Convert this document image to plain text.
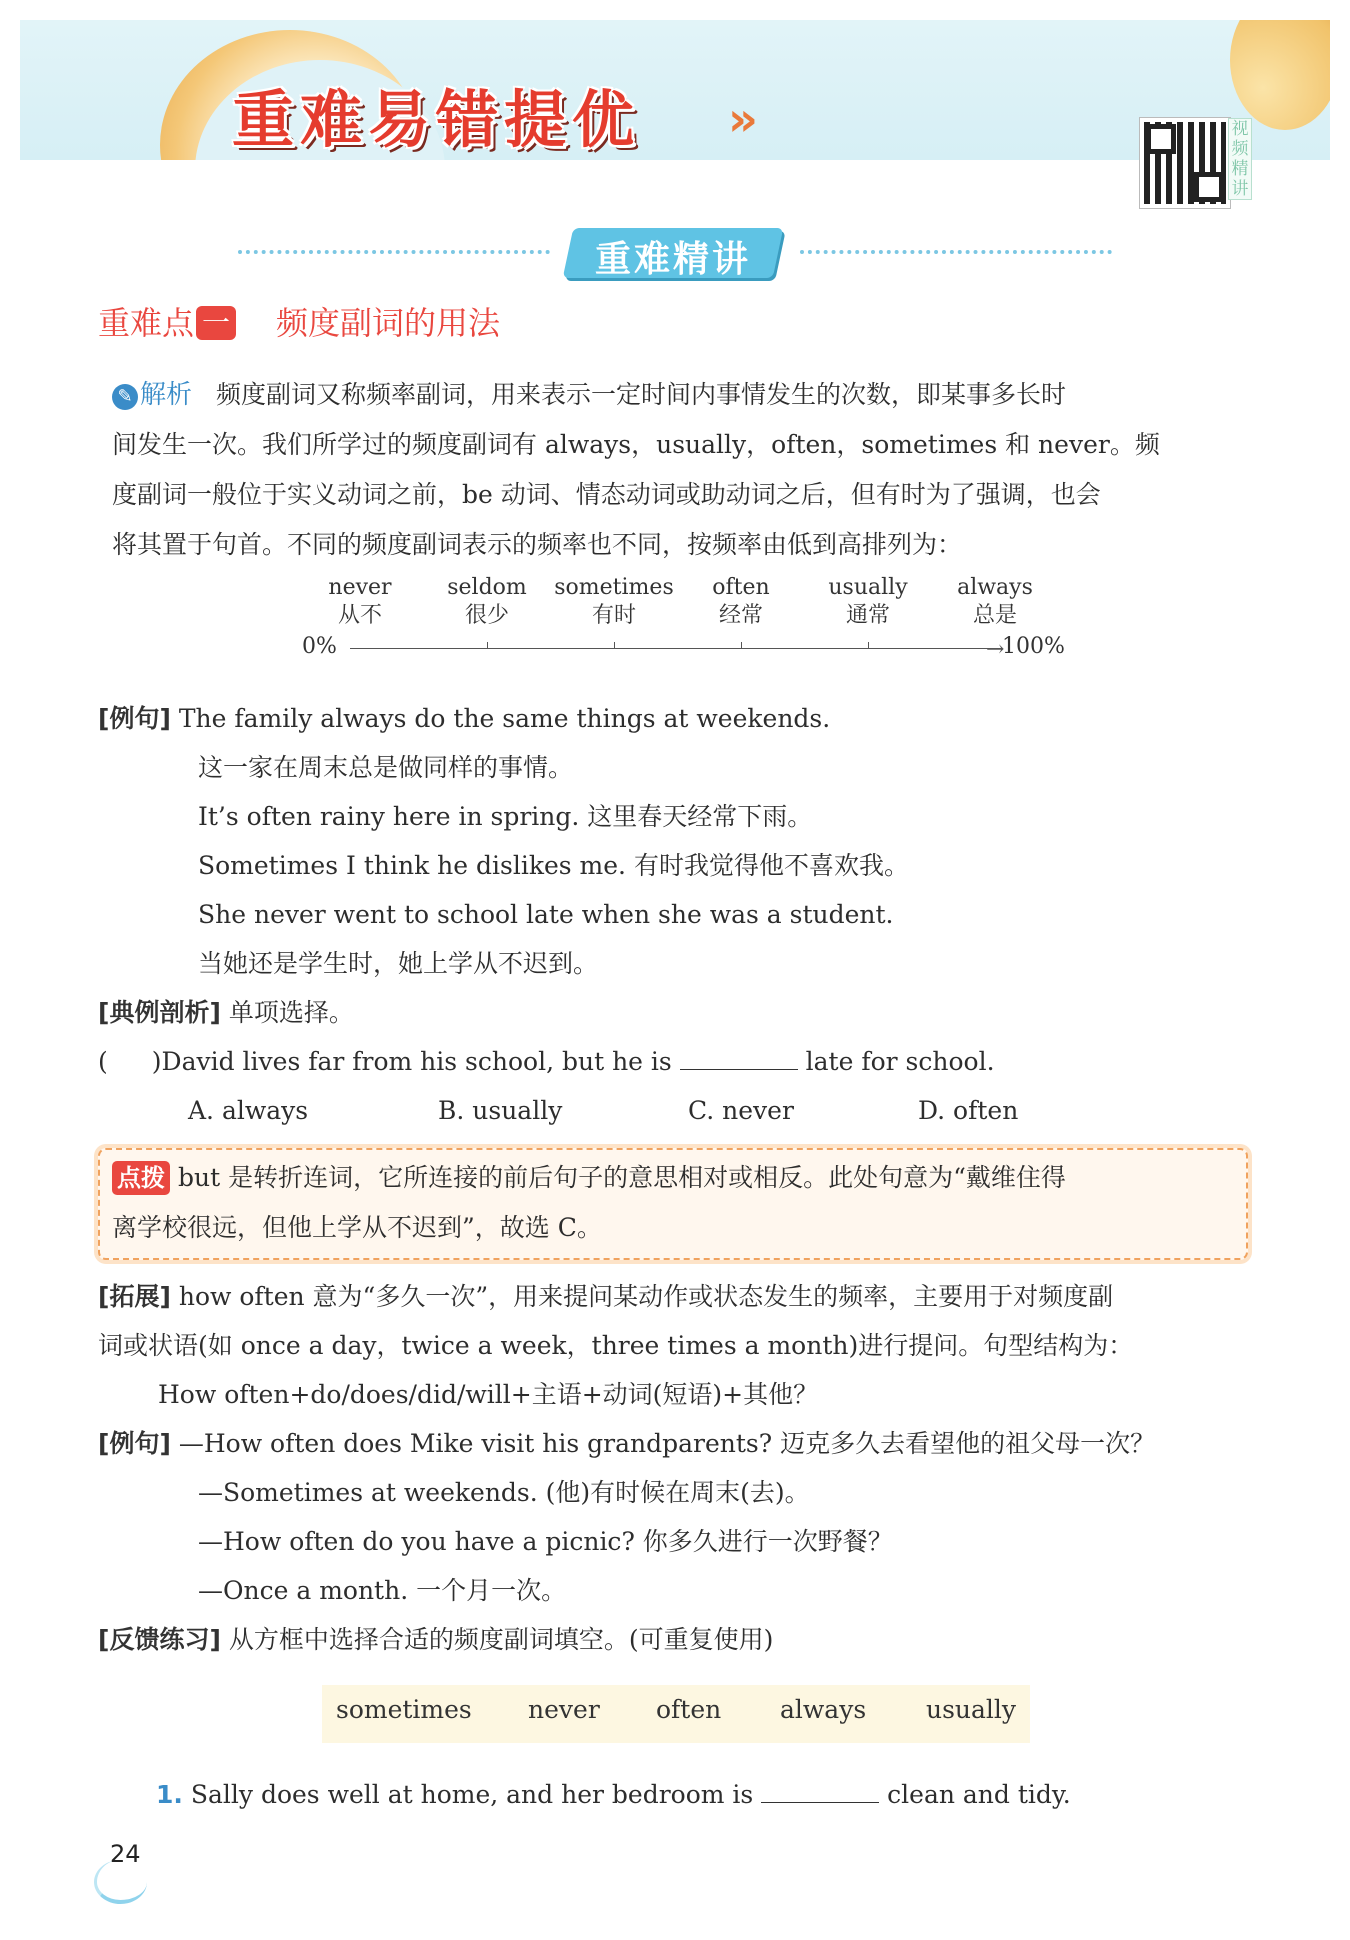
重难易错提优 ››	视频精讲
重难精讲
重难点 一 频度副词的用法
✎ 解析 频度副词又称频率副词，用来表示一定时间内事情发生的次数，即某事多长时
间发生一次。我们所学过的频度副词有 always，usually，often，sometimes 和 never。频
度副词一般位于实义动词之前，be 动词、情态动词或助动词之后，但有时为了强调，也会
将其置于句首。不同的频度副词表示的频率也不同，按频率由低到高排列为：
never
从不
seldom
很少
sometimes
有时
often
经常
usually
通常
always
总是
0%	→
100%
[例句] The family always do the same things at weekends.
这一家在周末总是做同样的事情。
It’s often rainy here in spring. 这里春天经常下雨。
Sometimes I think he dislikes me. 有时我觉得他不喜欢我。
She never went to school late when she was a student.
当她还是学生时，她上学从不迟到。
[典例剖析] 单项选择。
( )David lives far from his school, but he is	late for school.
A. always	B. usually	C. never	D. often
点拨 but 是转折连词，它所连接的前后句子的意思相对或相反。此处句意为“戴维住得
离学校很远，但他上学从不迟到”，故选 C。
[拓展] how often 意为“多久一次”，用来提问某动作或状态发生的频率，主要用于对频度副
词或状语(如 once a day，twice a week，three times a month)进行提问。句型结构为：
How often+do/does/did/will+主语+动词(短语)+其他？
[例句] —How often does Mike visit his grandparents? 迈克多久去看望他的祖父母一次？
—Sometimes at weekends. (他)有时候在周末(去)。
—How often do you have a picnic? 你多久进行一次野餐？
—Once a month. 一个月一次。
[反馈练习] 从方框中选择合适的频度副词填空。(可重复使用)
sometimes never often always usually
1. Sally does well at home, and her bedroom is	clean and tidy.
24
